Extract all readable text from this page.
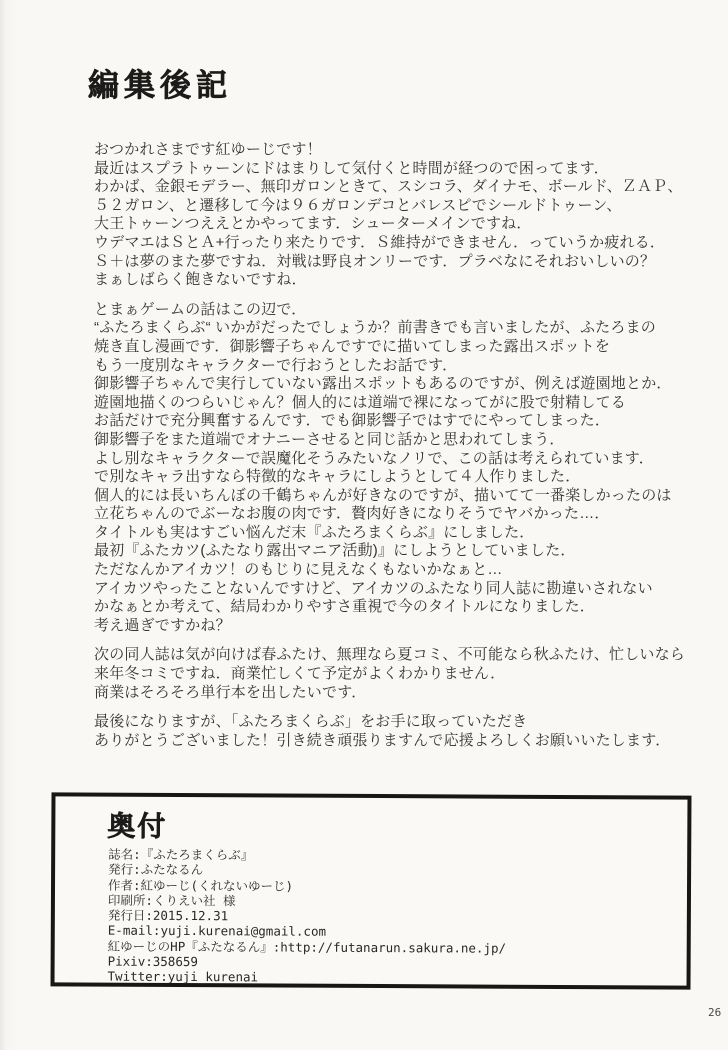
編集後記
おつかれさまです紅ゆーじです！
最近はスプラトゥーンにドはまりして気付くと時間が経つので困ってます．
わかば、金銀モデラー、無印ガロンときて、スシコラ、ダイナモ、ボールド、ＺＡＰ、
５２ガロン、と遷移して今は９６ガロンデコとバレスピでシールドトゥーン、
大王トゥーンつええとかやってます．シューターメインですね．
ウデマエはＳとＡ+行ったり来たりです．Ｓ維持ができません．っていうか疲れる．
Ｓ＋は夢のまた夢ですね．対戦は野良オンリーです．プラベなにそれおいしいの？
まぁしばらく飽きないですね．
とまぁゲームの話はこの辺で．
“ふたろまくらぶ“ いかがだったでしょうか？前書きでも言いましたが、ふたろまの
焼き直し漫画です．御影響子ちゃんですでに描いてしまった露出スポットを
もう一度別なキャラクターで行おうとしたお話です．
御影響子ちゃんで実行していない露出スポットもあるのですが、例えば遊園地とか．
遊園地描くのつらいじゃん？個人的には道端で裸になってがに股で射精してる
お話だけで充分興奮するんです．でも御影響子ではすでにやってしまった．
御影響子をまた道端でオナニーさせると同じ話かと思われてしまう．
よし別なキャラクターで誤魔化そうみたいなノリで、この話は考えられています．
で別なキャラ出すなら特徴的なキャラにしようとして４人作りました．
個人的には長いちんぼの千鶴ちゃんが好きなのですが、描いてて一番楽しかったのは
立花ちゃんのでぶーなお腹の肉です．贅肉好きになりそうでヤバかった…．
タイトルも実はすごい悩んだ末『ふたろまくらぶ』にしました．
最初『ふたカツ(ふたなり露出マニア活動)』にしようとしていました．
ただなんかアイカツ！のもじりに見えなくもないかなぁと…
アイカツやったことないんですけど、アイカツのふたなり同人誌に勘違いされない
かなぁとか考えて、結局わかりやすさ重視で今のタイトルになりました．
考え過ぎですかね？
次の同人誌は気が向けば春ふたけ、無理なら夏コミ、不可能なら秋ふたけ、忙しいなら
来年冬コミですね．商業忙しくて予定がよくわかりません．
商業はそろそろ単行本を出したいです．
最後になりますが、「ふたろまくらぶ」をお手に取っていただき
ありがとうございました！引き続き頑張りますんで応援よろしくお願いいたします．
奥付
誌名:『ふたろまくらぶ』
発行:ふたなるん
作者:紅ゆーじ(くれないゆーじ)
印刷所:くりえい社 様
発行日:2015.12.31
E-mail:yuji.kurenai@gmail.com
紅ゆーじのHP『ふたなるん』:http://futanarun.sakura.ne.jp/
Pixiv:358659
Twitter:yuji_kurenai
26
